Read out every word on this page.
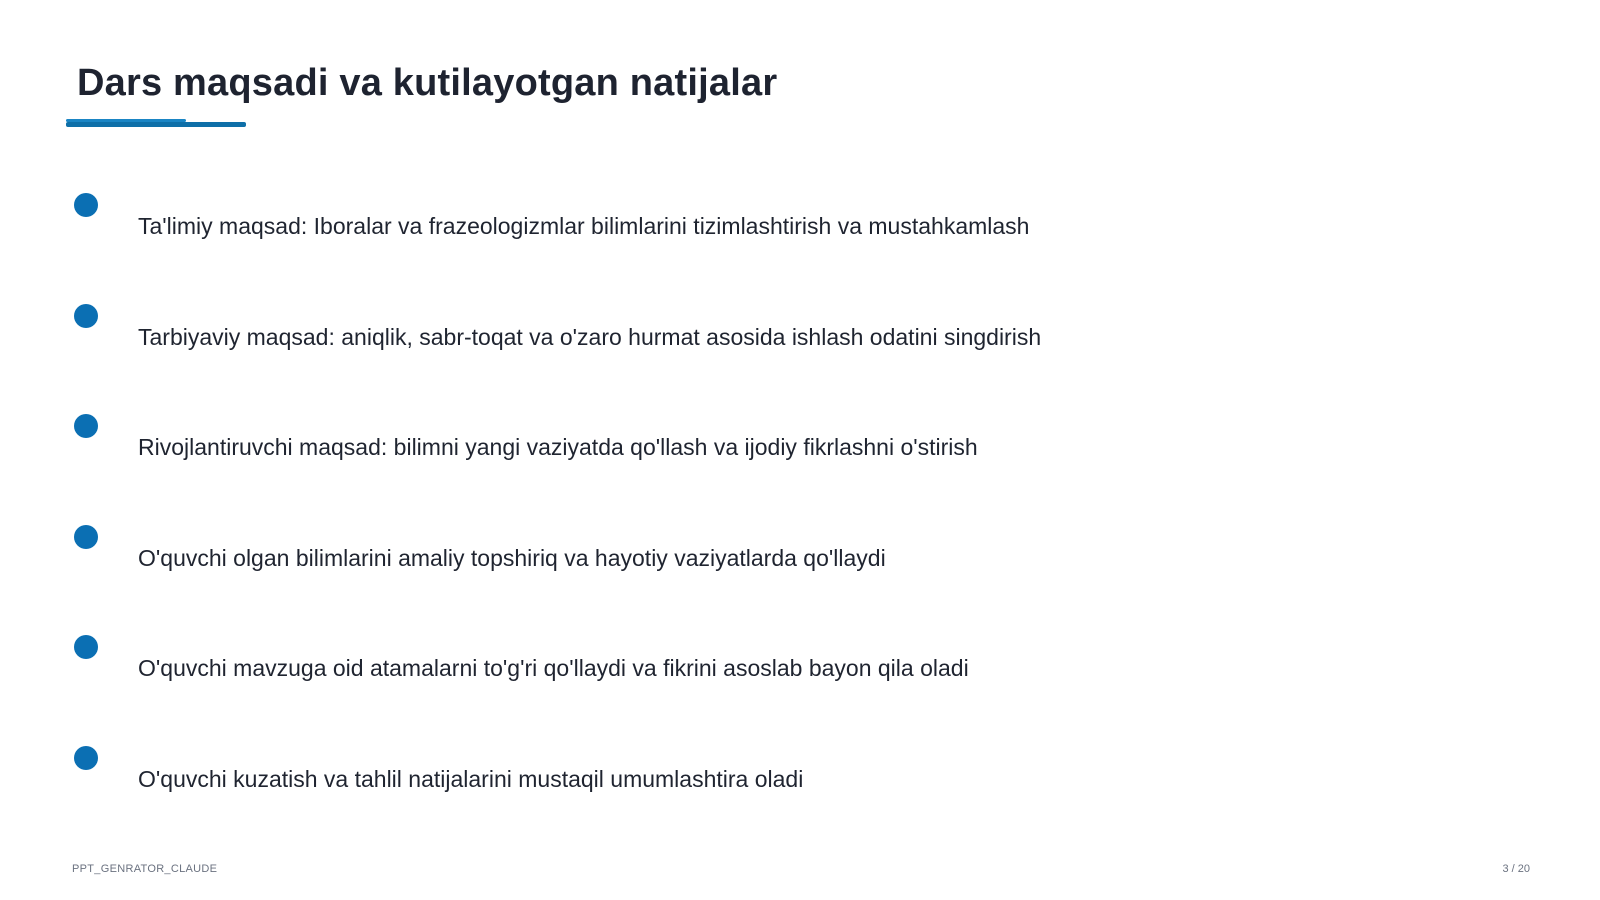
Dars maqsadi va kutilayotgan natijalar
Ta'limiy maqsad: Iboralar va frazeologizmlar bilimlarini tizimlashtirish va mustahkamlash
Tarbiyaviy maqsad: aniqlik, sabr-toqat va o'zaro hurmat asosida ishlash odatini singdirish
Rivojlantiruvchi maqsad: bilimni yangi vaziyatda qo'llash va ijodiy fikrlashni o'stirish
O'quvchi olgan bilimlarini amaliy topshiriq va hayotiy vaziyatlarda qo'llaydi
O'quvchi mavzuga oid atamalarni to'g'ri qo'llaydi va fikrini asoslab bayon qila oladi
O'quvchi kuzatish va tahlil natijalarini mustaqil umumlashtira oladi
PPT_GENRATOR_CLAUDE	3 / 20
